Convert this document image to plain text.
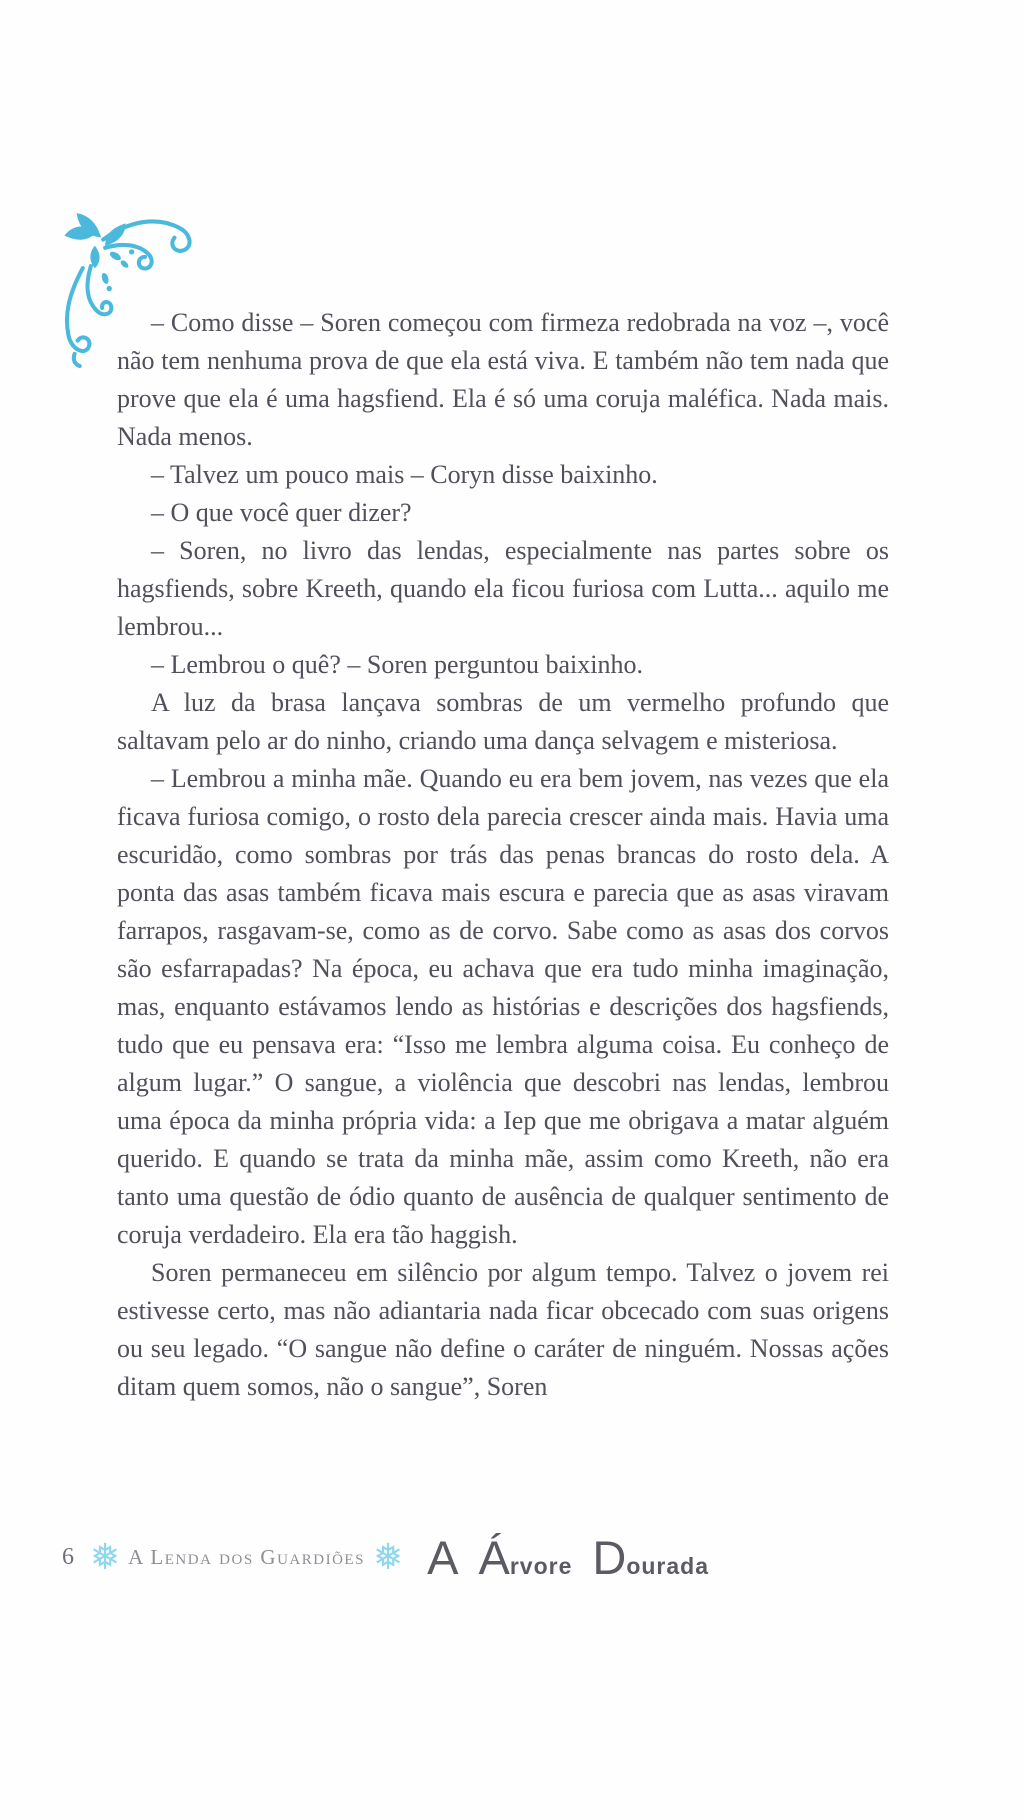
– Como disse – Soren começou com firmeza redobrada na voz –, você não tem nenhuma prova de que ela está viva. E também não tem nada que prove que ela é uma hagsfiend. Ela é só uma coruja maléfica. Nada mais. Nada menos.

– Talvez um pouco mais – Coryn disse baixinho.

– O que você quer dizer?

– Soren, no livro das lendas, especialmente nas partes sobre os hagsfiends, sobre Kreeth, quando ela ficou furiosa com Lutta... aquilo me lembrou...

– Lembrou o quê? – Soren perguntou baixinho.

A luz da brasa lançava sombras de um vermelho profundo que saltavam pelo ar do ninho, criando uma dança selvagem e misteriosa.

– Lembrou a minha mãe. Quando eu era bem jovem, nas vezes que ela ficava furiosa comigo, o rosto dela parecia crescer ainda mais. Havia uma escuridão, como sombras por trás das penas brancas do rosto dela. A ponta das asas também ficava mais escura e parecia que as asas viravam farrapos, rasgavam-se, como as de corvo. Sabe como as asas dos corvos são esfarrapadas? Na época, eu achava que era tudo minha imaginação, mas, enquanto estávamos lendo as histórias e descrições dos hagsfiends, tudo que eu pensava era: “Isso me lembra alguma coisa. Eu conheço de algum lugar.” O sangue, a violência que descobri nas lendas, lembrou uma época da minha própria vida: a Iep que me obrigava a matar alguém querido. E quando se trata da minha mãe, assim como Kreeth, não era tanto uma questão de ódio quanto de ausência de qualquer sentimento de coruja verdadeiro. Ela era tão haggish.

Soren permaneceu em silêncio por algum tempo. Talvez o jovem rei estivesse certo, mas não adiantaria nada ficar obcecado com suas origens ou seu legado. “O sangue não define o caráter de ninguém. Nossas ações ditam quem somos, não o sangue”, Soren

6 ❅ A Lenda dos Guardiões ❅ A Á rvore D ourada
